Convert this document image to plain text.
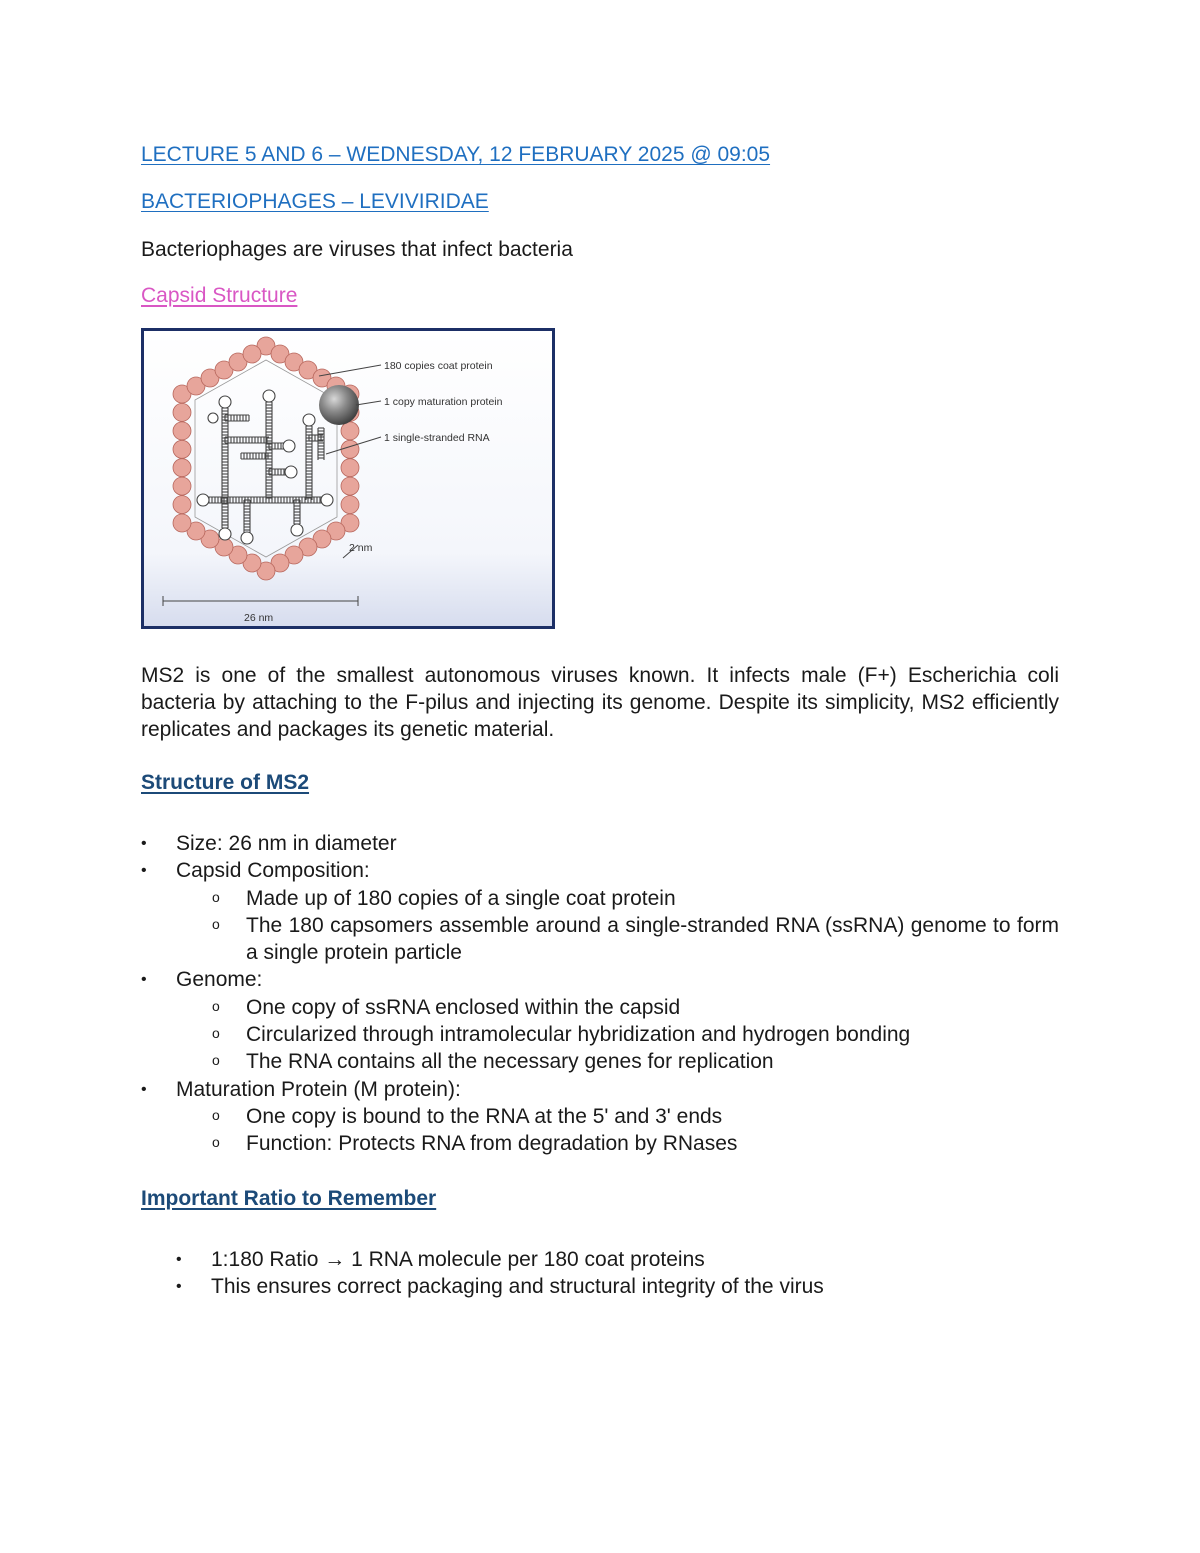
LECTURE 5 AND 6 – WEDNESDAY, 12 FEBRUARY 2025 @ 09:05
BACTERIOPHAGES – LEVIVIRIDAE

Bacteriophages are viruses that infect bacteria

Capsid Structure
180 copies coat protein
1 copy maturation protein
1 single-stranded RNA
2 nm
26 nm

MS2 is one of the smallest autonomous viruses known. It infects male (F+) Escherichia coli bacteria by attaching to the F-pilus and injecting its genome. Despite its simplicity, MS2 efficiently replicates and packages its genetic material.

Structure of MS2
• Size: 26 nm in diameter
• Capsid Composition:
o Made up of 180 copies of a single coat protein
o The 180 capsomers assemble around a single-stranded RNA (ssRNA) genome to form a single protein particle
• Genome:
o One copy of ssRNA enclosed within the capsid
o Circularized through intramolecular hybridization and hydrogen bonding
o The RNA contains all the necessary genes for replication
• Maturation Protein (M protein):
o One copy is bound to the RNA at the 5' and 3' ends
o Function: Protects RNA from degradation by RNases
Important Ratio to Remember
• 1:180 Ratio → 1 RNA molecule per 180 coat proteins
• This ensures correct packaging and structural integrity of the virus
